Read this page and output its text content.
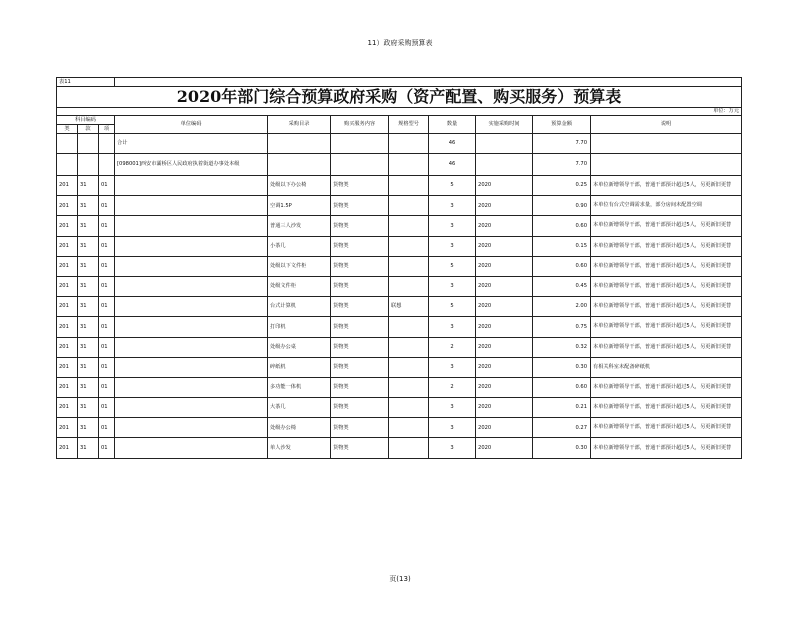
11）政府采购预算表
表11										
2020年部门综合预算政府采购（资产配置、购买服务）预算表										
单位：万元										
科目编码			单位编码	采购目录	购买服务内容	规格型号	数量	实施采购时间	预算金额	说明
类	款	项								
			合计				46		7.70	
			[098001]西安市灞桥区人民政府执着街道办事处本级				46		7.70	
201	31	01		处级以下办公椅	货物类		5	2020	0.25	本单位新增领导干部，普通干部预计超过5人，另更新旧更替
201	31	01		空调1.5P	货物类		3	2020	0.90	本单位有台式空调需求量，部分房间未配置空调
201	31	01		普通三人沙发	货物类		3	2020	0.60	本单位新增领导干部，普通干部预计超过5人，另更新旧更替
201	31	01		小茶几	货物类		3	2020	0.15	本单位新增领导干部，普通干部预计超过5人，另更新旧更替
201	31	01		处级以下文件柜	货物类		5	2020	0.60	本单位新增领导干部，普通干部预计超过5人，另更新旧更替
201	31	01		处级文件柜	货物类		3	2020	0.45	本单位新增领导干部，普通干部预计超过5人，另更新旧更替
201	31	01		台式计算机	货物类	联想	5	2020	2.00	本单位新增领导干部，普通干部预计超过5人，另更新旧更替
201	31	01		打印机	货物类		3	2020	0.75	本单位新增领导干部，普通干部预计超过5人，另更新旧更替
201	31	01		处级办公桌	货物类		2	2020	0.32	本单位新增领导干部，普通干部预计超过5人，另更新旧更替
201	31	01		碎纸机	货物类		3	2020	0.30	有相关科室未配备碎纸机
201	31	01		多功能一体机	货物类		2	2020	0.60	本单位新增领导干部，普通干部预计超过5人，另更新旧更替
201	31	01		大茶几	货物类		3	2020	0.21	本单位新增领导干部，普通干部预计超过5人，另更新旧更替
201	31	01		处级办公椅	货物类		3	2020	0.27	本单位新增领导干部，普通干部预计超过5人，另更新旧更替
201	31	01		单人沙发	货物类		3	2020	0.30	本单位新增领导干部，普通干部预计超过5人，另更新旧更替
页(13)
